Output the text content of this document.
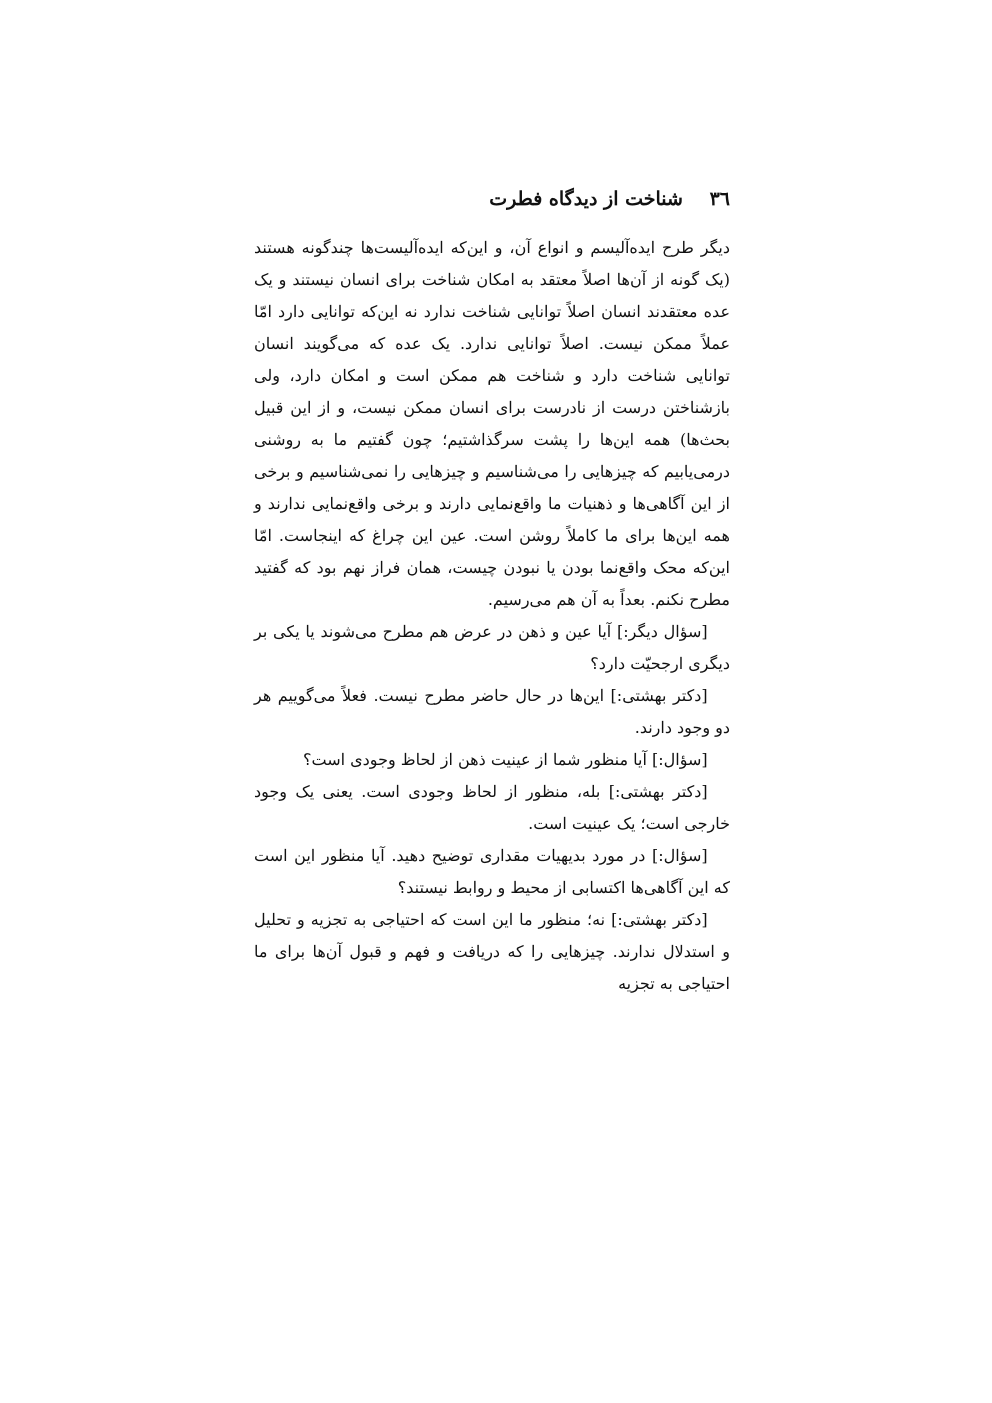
٣٦ شناخت از دیدگاه فطرت

دیگر طرح ایده‌آلیسم و انواع آن، و این‌که ایده‌آلیست‌ها چندگونه هستند (یک گونه از آن‌ها اصلاً معتقد به امکان شناخت برای انسان نیستند و یک عده معتقدند انسان اصلاً توانایی شناخت ندارد نه این‌که توانایی دارد امّا عملاً ممکن نیست. اصلاً توانایی ندارد. یک عده که می‌گویند انسان توانایی شناخت دارد و شناخت هم ممکن است و امکان دارد، ولی بازشناختن درست از نادرست برای انسان ممکن نیست، و از این قبیل بحث‌ها) همه این‌ها را پشت سرگذاشتیم؛ چون گفتیم ما به روشنی درمی‌یابیم که چیزهایی را می‌شناسیم و چیزهایی را نمی‌شناسیم و برخی از این آگاهی‌ها و ذهنیات ما واقع‌نمایی دارند و برخی واقع‌نمایی ندارند و همه این‌ها برای ما کاملاً روشن است. عین این چراغ که اینجاست. امّا این‌که محک واقع‌نما بودن یا نبودن چیست، همان فراز نهم بود که گفتید مطرح نکنم. بعداً به آن هم می‌رسیم.

[سؤال دیگر:] آیا عین و ذهن در عرض هم مطرح می‌شوند یا یکی بر دیگری ارجحیّت دارد؟

[دکتر بهشتی:] این‌ها در حال حاضر مطرح نیست. فعلاً می‌گوییم هر دو وجود دارند.

[سؤال:] آیا منظور شما از عینیت ذهن از لحاظ وجودی است؟

[دکتر بهشتی:] بله، منظور از لحاظ وجودی است. یعنی یک وجود خارجی است؛ یک عینیت است.

[سؤال:] در مورد بدیهیات مقداری توضیح دهید. آیا منظور این است که این آگاهی‌ها اکتسابی از محیط و روابط نیستند؟

[دکتر بهشتی:] نه؛ منظور ما این است که احتیاجی به تجزیه و تحلیل و استدلال ندارند. چیزهایی را که دریافت و فهم و قبول آن‌ها برای ما احتیاجی به تجزیه
